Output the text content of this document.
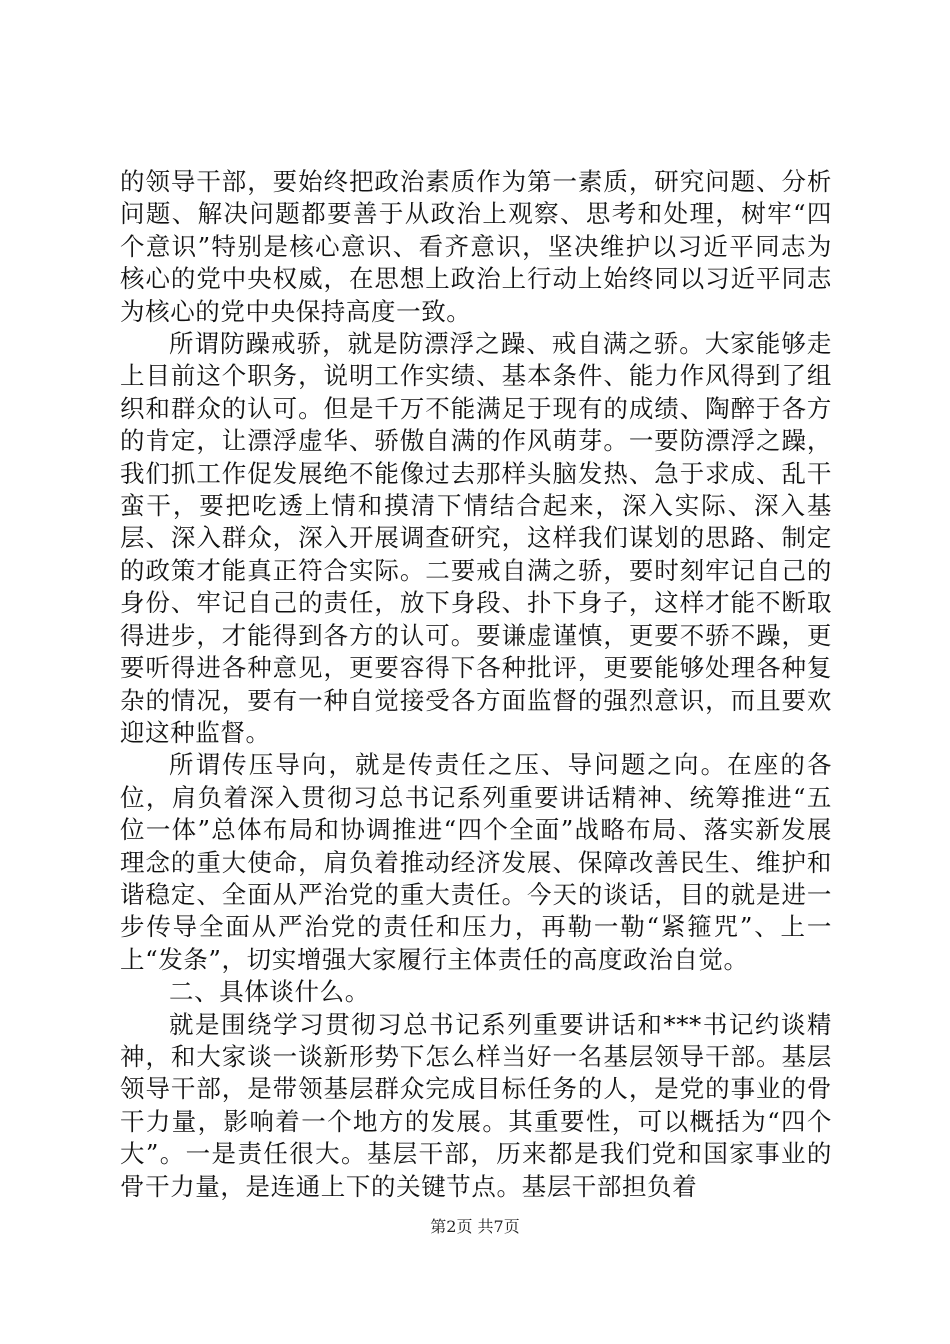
的领导干部，要始终把政治素质作为第一素质，研究问题、分析问题、解决问题都要善于从政治上观察、思考和处理，树牢“四个意识”特别是核心意识、看齐意识，坚决维护以习近平同志为核心的党中央权威，在思想上政治上行动上始终同以习近平同志为核心的党中央保持高度一致。

所谓防躁戒骄，就是防漂浮之躁、戒自满之骄。大家能够走上目前这个职务，说明工作实绩、基本条件、能力作风得到了组织和群众的认可。但是千万不能满足于现有的成绩、陶醉于各方的肯定，让漂浮虚华、骄傲自满的作风萌芽。一要防漂浮之躁，我们抓工作促发展绝不能像过去那样头脑发热、急于求成、乱干蛮干，要把吃透上情和摸清下情结合起来，深入实际、深入基层、深入群众，深入开展调查研究，这样我们谋划的思路、制定的政策才能真正符合实际。二要戒自满之骄，要时刻牢记自己的身份、牢记自己的责任，放下身段、扑下身子，这样才能不断取得进步，才能得到各方的认可。要谦虚谨慎，更要不骄不躁，更要听得进各种意见，更要容得下各种批评，更要能够处理各种复杂的情况，要有一种自觉接受各方面监督的强烈意识，而且要欢迎这种监督。

所谓传压导向，就是传责任之压、导问题之向。在座的各位，肩负着深入贯彻习总书记系列重要讲话精神、统筹推进“五位一体”总体布局和协调推进“四个全面”战略布局、落实新发展理念的重大使命，肩负着推动经济发展、保障改善民生、维护和谐稳定、全面从严治党的重大责任。今天的谈话，目的就是进一步传导全面从严治党的责任和压力，再勒一勒“紧箍咒”、上一上“发条”，切实增强大家履行主体责任的高度政治自觉。

二、具体谈什么。

就是围绕学习贯彻习总书记系列重要讲话和***书记约谈精神，和大家谈一谈新形势下怎么样当好一名基层领导干部。基层领导干部，是带领基层群众完成目标任务的人，是党的事业的骨干力量，影响着一个地方的发展。其重要性，可以概括为“四个大”。一是责任很大。基层干部，历来都是我们党和国家事业的骨干力量，是连通上下的关键节点。基层干部担负着

第2页 共7页
